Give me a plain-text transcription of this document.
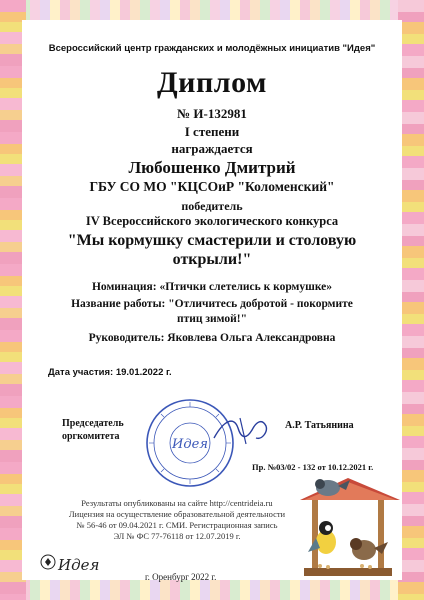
Всероссийский центр гражданских и молодёжных инициатив "Идея"
Диплом
№ И-132981
I степени
награждается
Любошенко Дмитрий
ГБУ СО МО "КЦСОиР "Коломенский"
победитель
IV Всероссийского экологического конкурса
"Мы кормушку смастерили и столовую
открыли!"
Номинация: «Птички слетелись к кормушке»
Название работы: "Отличитесь добротой - покормите
птиц зимой!"
Руководитель: Яковлева Ольга Александровна
Дата участия: 19.01.2022 г.
Председатель
оргкомитета
Идея
А.Р. Татьянина
Пр. №03/02 - 132 от 10.12.2021 г.
Результаты опубликованы на сайте http://centrideia.ru
Лицензия на осуществление образовательной деятельности
№ 56-46 от 09.04.2021 г. СМИ. Регистрационная запись
ЭЛ № ФС 77-76118 от 12.07.2019 г.
Идея
г. Оренбург 2022 г.
